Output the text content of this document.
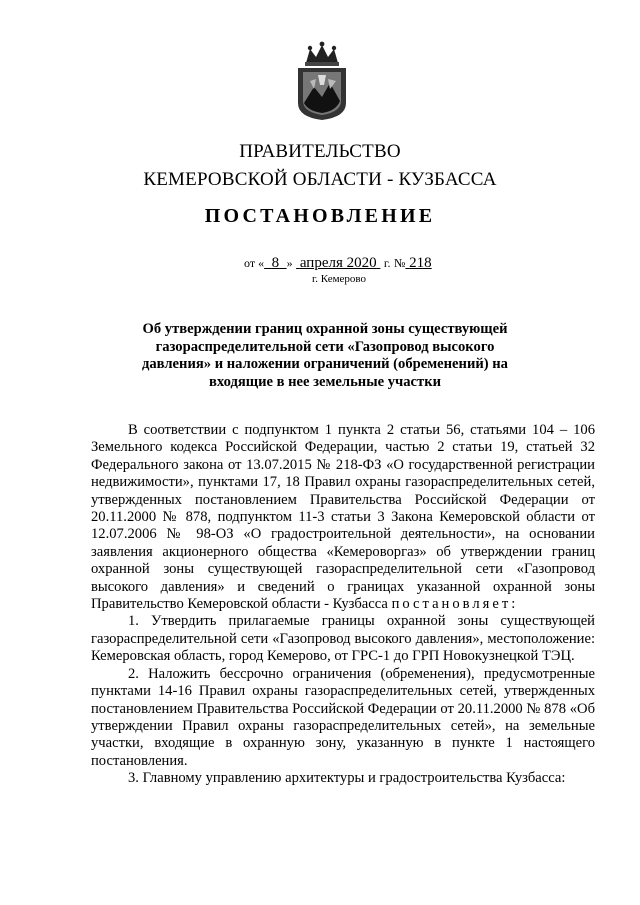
ПРАВИТЕЛЬСТВО
КЕМЕРОВСКОЙ ОБЛАСТИ - КУЗБАССА
ПОСТАНОВЛЕНИЕ
от « 8 » апреля 2020 г. № 218
г. Кемерово
Об утверждении границ охранной зоны существующей газораспределительной сети «Газопровод высокого давления» и наложении ограничений (обременений) на входящие в нее земельные участки

В соответствии с подпунктом 1 пункта 2 статьи 56, статьями 104 – 106 Земельного кодекса Российской Федерации, частью 2 статьи 19, статьей 32 Федерального закона от 13.07.2015 № 218-ФЗ «О государственной регистрации недвижимости», пунктами 17, 18 Правил охраны газораспределительных сетей, утвержденных постановлением Правительства Российской Федерации от 20.11.2000 № 878, подпунктом 11-3 статьи 3 Закона Кемеровской области от 12.07.2006 № 98-ОЗ «О градостроительной деятельности», на основании заявления акционерного общества «Кемероворгаз» об утверждении границ охранной зоны существующей газораспределительной сети «Газопровод высокого давления» и сведений о границах указанной охранной зоны Правительство Кемеровской области - Кузбасса постановляет:

1. Утвердить прилагаемые границы охранной зоны существующей газораспределительной сети «Газопровод высокого давления», местоположение: Кемеровская область, город Кемерово, от ГРС-1 до ГРП Новокузнецкой ТЭЦ.

2. Наложить бессрочно ограничения (обременения), предусмотренные пунктами 14-16 Правил охраны газораспределительных сетей, утвержденных постановлением Правительства Российской Федерации от 20.11.2000 № 878 «Об утверждении Правил охраны газораспределительных сетей», на земельные участки, входящие в охранную зону, указанную в пункте 1 настоящего постановления.

3. Главному управлению архитектуры и градостроительства Кузбасса:
